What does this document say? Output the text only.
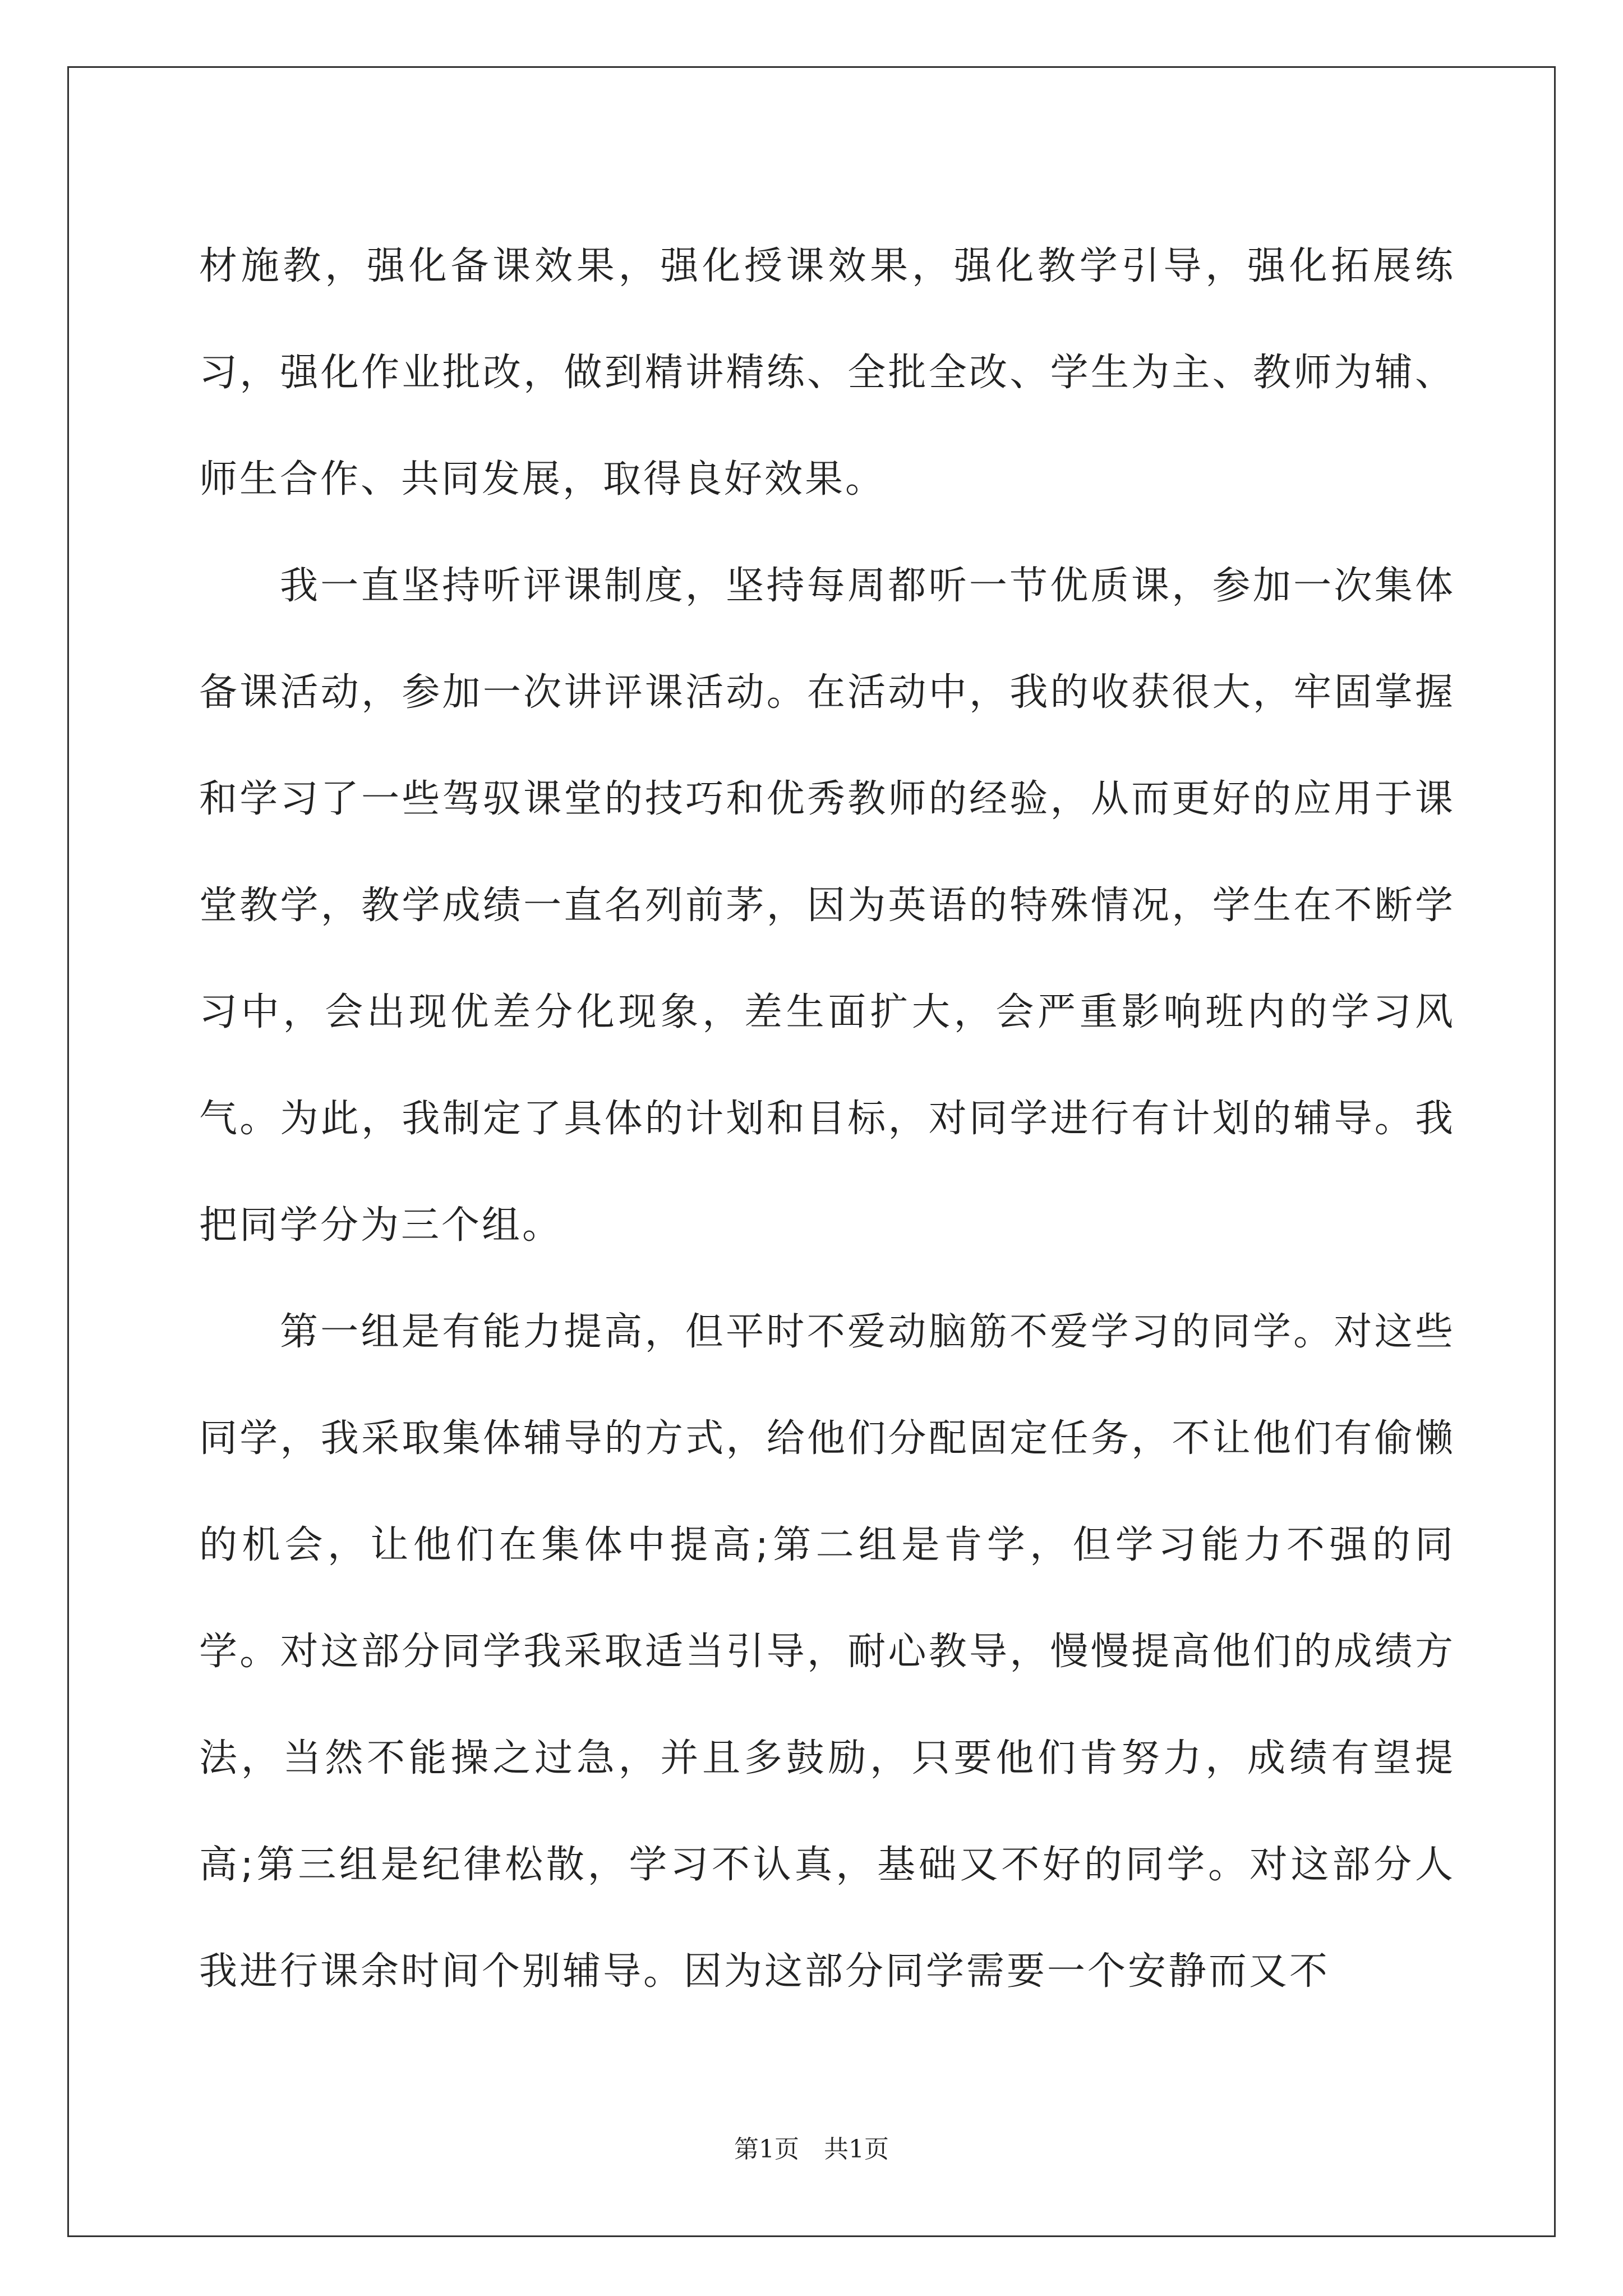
材施教，强化备课效果，强化授课效果，强化教学引导，强化拓展练习，强化作业批改，做到精讲精练、全批全改、学生为主、教师为辅、师生合作、共同发展，取得良好效果。

我一直坚持听评课制度，坚持每周都听一节优质课，参加一次集体备课活动，参加一次讲评课活动。在活动中，我的收获很大，牢固掌握和学习了一些驾驭课堂的技巧和优秀教师的经验，从而更好的应用于课堂教学，教学成绩一直名列前茅，因为英语的特殊情况，学生在不断学习中，会出现优差分化现象，差生面扩大，会严重影响班内的学习风气。为此，我制定了具体的计划和目标，对同学进行有计划的辅导。我把同学分为三个组。

第一组是有能力提高，但平时不爱动脑筋不爱学习的同学。对这些同学，我采取集体辅导的方式，给他们分配固定任务，不让他们有偷懒的机会，让他们在集体中提高;第二组是肯学，但学习能力不强的同学。对这部分同学我采取适当引导，耐心教导，慢慢提高他们的成绩方法，当然不能操之过急，并且多鼓励，只要他们肯努力，成绩有望提高;第三组是纪律松散，学习不认真，基础又不好的同学。对这部分人我进行课余时间个别辅导。因为这部分同学需要一个安静而又不

第1页　共1页
